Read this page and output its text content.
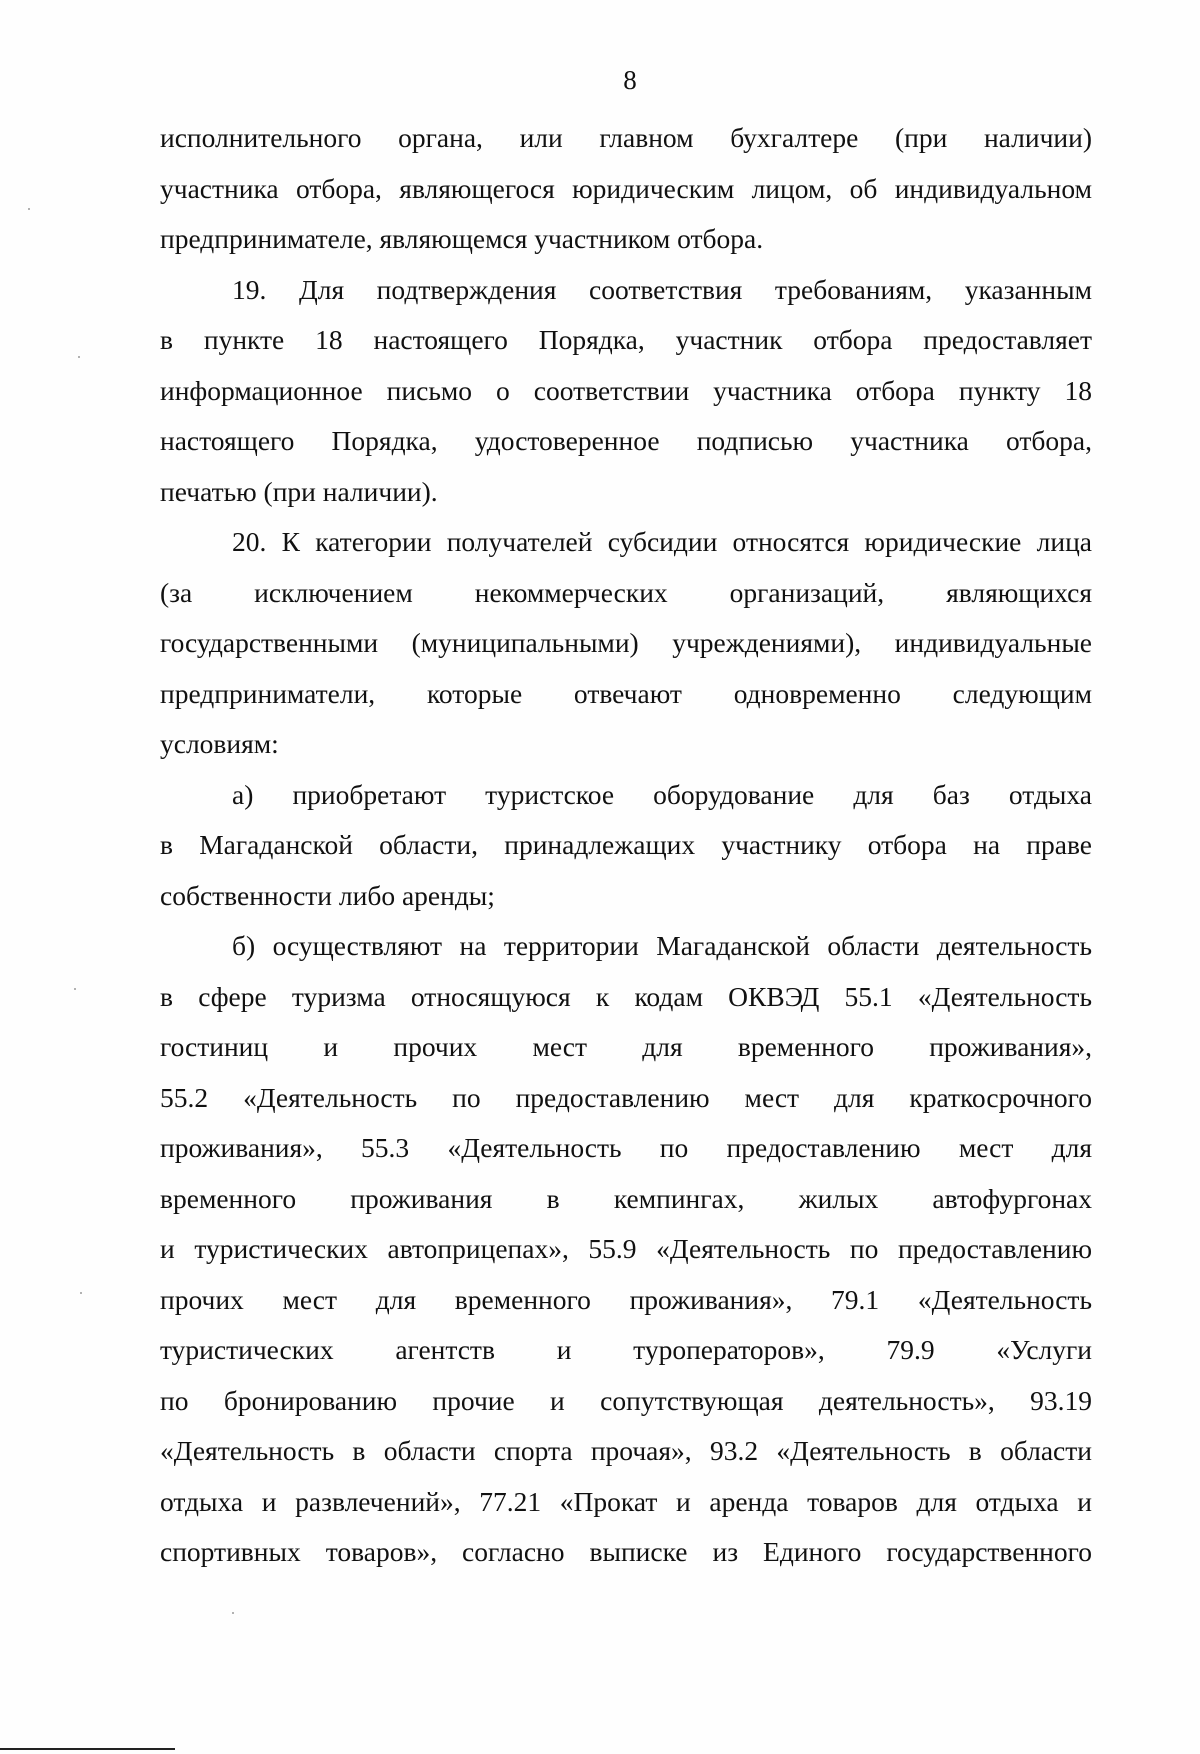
8

исполнительного органа, или главном бухгалтере (при наличии)
участника отбора, являющегося юридическим лицом, об индивидуальном
предпринимателе, являющемся участником отбора.

19. Для подтверждения соответствия требованиям, указанным
в пункте 18 настоящего Порядка, участник отбора предоставляет
информационное письмо о соответствии участника отбора пункту 18
настоящего Порядка, удостоверенное подписью участника отбора,
печатью (при наличии).

20. К категории получателей субсидии относятся юридические лица
(за исключением некоммерческих организаций, являющихся
государственными (муниципальными) учреждениями), индивидуальные
предприниматели, которые отвечают одновременно следующим
условиям:

а) приобретают туристское оборудование для баз отдыха
в Магаданской области, принадлежащих участнику отбора на праве
собственности либо аренды;

б) осуществляют на территории Магаданской области деятельность
в сфере туризма относящуюся к кодам ОКВЭД 55.1 «Деятельность
гостиниц и прочих мест для временного проживания»,
55.2 «Деятельность по предоставлению мест для краткосрочного
проживания», 55.3 «Деятельность по предоставлению мест для
временного проживания в кемпингах, жилых автофургонах
и туристических автоприцепах», 55.9 «Деятельность по предоставлению
прочих мест для временного проживания», 79.1 «Деятельность
туристических агентств и туроператоров», 79.9 «Услуги
по бронированию прочие и сопутствующая деятельность», 93.19
«Деятельность в области спорта прочая», 93.2 «Деятельность в области
отдыха и развлечений», 77.21 «Прокат и аренда товаров для отдыха и
спортивных товаров», согласно выписке из Единого государственного
